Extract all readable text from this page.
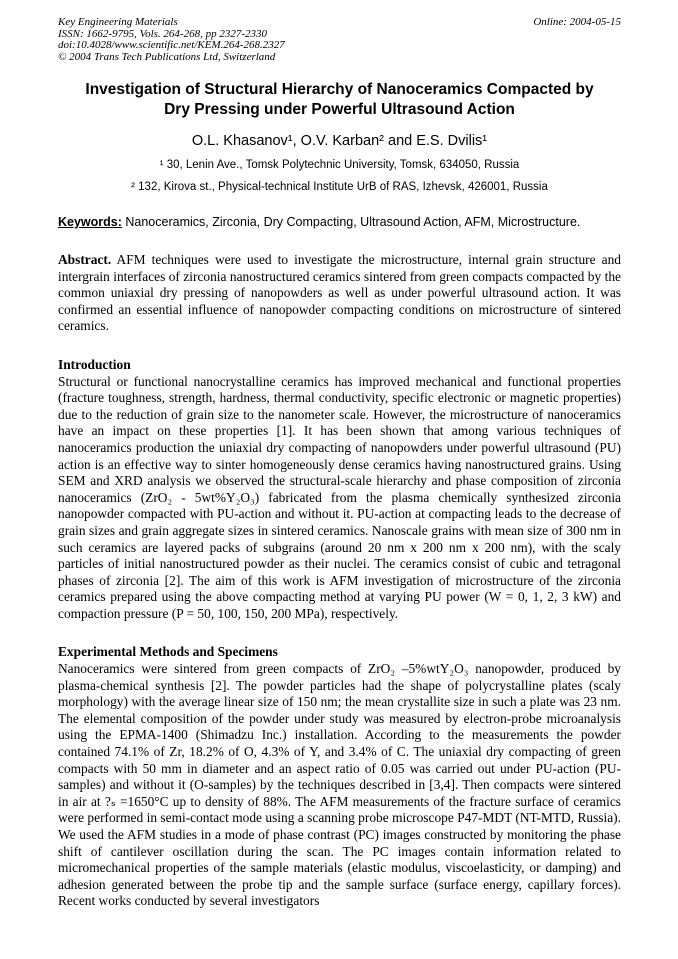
Key Engineering Materials	Online: 2004-05-15
ISSN: 1662-9795, Vols. 264-268, pp 2327-2330
doi:10.4028/www.scientific.net/KEM.264-268.2327
© 2004 Trans Tech Publications Ltd, Switzerland
Investigation of Structural Hierarchy of Nanoceramics Compacted by
Dry Pressing under Powerful Ultrasound Action
O.L. Khasanov¹, O.V. Karban² and E.S. Dvilis¹
¹ 30, Lenin Ave., Tomsk Polytechnic University, Tomsk, 634050, Russia
² 132, Kirova st., Physical-technical Institute UrB of RAS, Izhevsk, 426001, Russia
Keywords: Nanoceramics, Zirconia, Dry Compacting, Ultrasound Action, AFM, Microstructure.

Abstract. AFM techniques were used to investigate the microstructure, internal grain structure and intergrain interfaces of zirconia nanostructured ceramics sintered from green compacts compacted by the common uniaxial dry pressing of nanopowders as well as under powerful ultrasound action. It was confirmed an essential influence of nanopowder compacting conditions on microstructure of sintered ceramics.

Introduction

Structural or functional nanocrystalline ceramics has improved mechanical and functional properties (fracture toughness, strength, hardness, thermal conductivity, specific electronic or magnetic properties) due to the reduction of grain size to the nanometer scale. However, the microstructure of nanoceramics have an impact on these properties [1]. It has been shown that among various techniques of nanoceramics production the uniaxial dry compacting of nanopowders under powerful ultrasound (PU) action is an effective way to sinter homogeneously dense ceramics having nanostructured grains. Using SEM and XRD analysis we observed the structural-scale hierarchy and phase composition of zirconia nanoceramics (ZrO₂ - 5wt%Y₂O₃) fabricated from the plasma chemically synthesized zirconia nanopowder compacted with PU-action and without it. PU-action at compacting leads to the decrease of grain sizes and grain aggregate sizes in sintered ceramics. Nanoscale grains with mean size of 300 nm in such ceramics are layered packs of subgrains (around 20 nm x 200 nm x 200 nm), with the scaly particles of initial nanostructured powder as their nuclei. The ceramics consist of cubic and tetragonal phases of zirconia [2]. The aim of this work is AFM investigation of microstructure of the zirconia ceramics prepared using the above compacting method at varying PU power (W = 0, 1, 2, 3 kW) and compaction pressure (P = 50, 100, 150, 200 MPa), respectively.

Experimental Methods and Specimens

Nanoceramics were sintered from green compacts of ZrO₂ –5%wtY₂O₃ nanopowder, produced by plasma-chemical synthesis [2]. The powder particles had the shape of polycrystalline plates (scaly morphology) with the average linear size of 150 nm; the mean crystallite size in such a plate was 23 nm. The elemental composition of the powder under study was measured by electron-probe microanalysis using the EPMA-1400 (Shimadzu Inc.) installation. According to the measurements the powder contained 74.1% of Zr, 18.2% of O, 4.3% of Y, and 3.4% of C. The uniaxial dry compacting of green compacts with 50 mm in diameter and an aspect ratio of 0.05 was carried out under PU-action (PU-samples) and without it (O-samples) by the techniques described in [3,4]. Then compacts were sintered in air at ?ₛ =1650°C up to density of 88%. The AFM measurements of the fracture surface of ceramics were performed in semi-contact mode using a scanning probe microscope P47-MDT (NT-MTD, Russia). We used the AFM studies in a mode of phase contrast (PC) images constructed by monitoring the phase shift of cantilever oscillation during the scan. The PC images contain information related to micromechanical properties of the sample materials (elastic modulus, viscoelasticity, or damping) and adhesion generated between the probe tip and the sample surface (surface energy, capillary forces). Recent works conducted by several investigators
